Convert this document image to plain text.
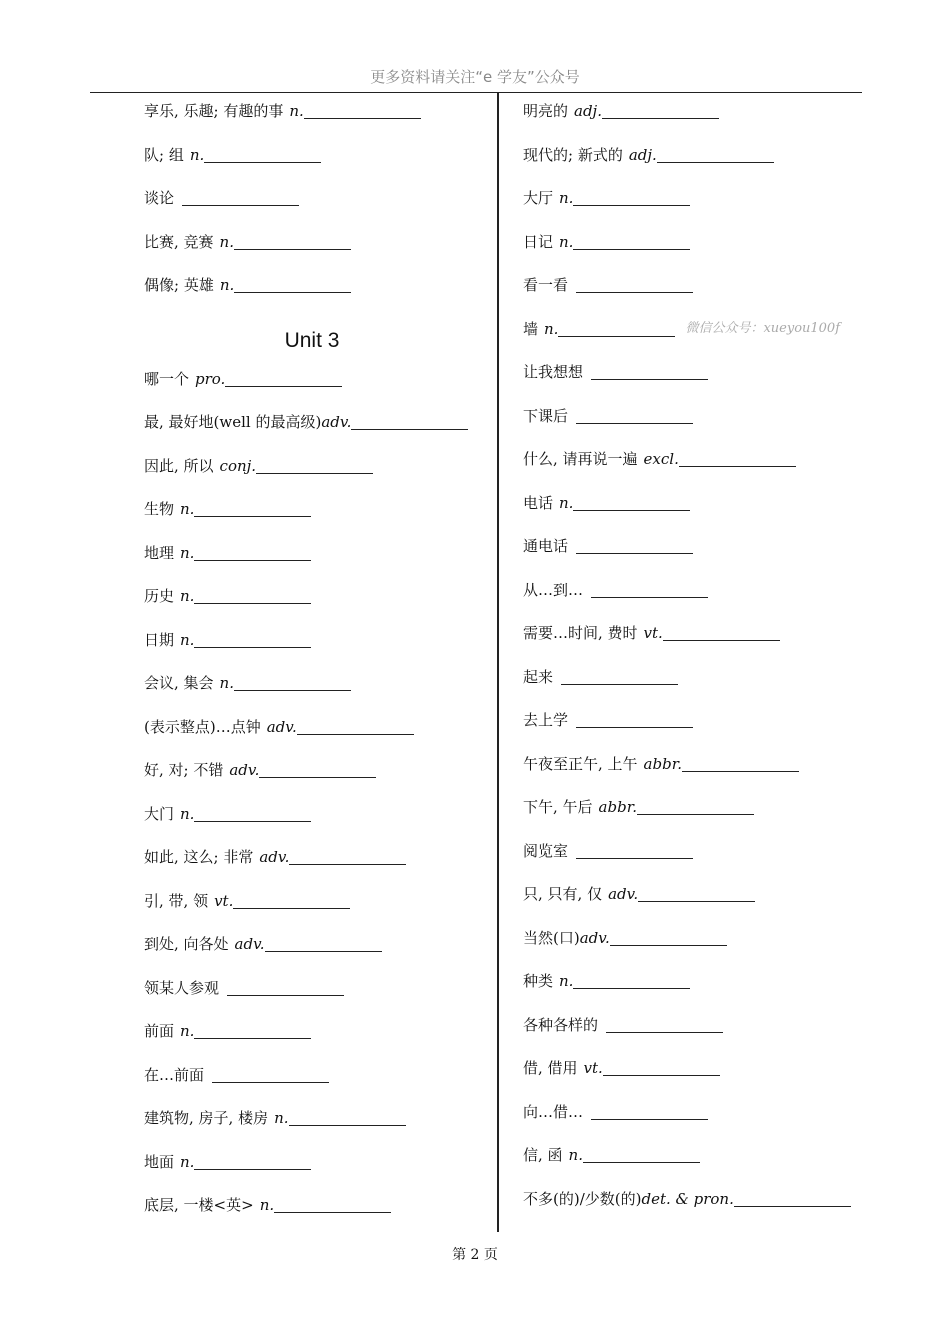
更多资料请关注“e 学友”公众号
享乐, 乐趣; 有趣的事 n.
队; 组 n.
谈论
比赛, 竞赛 n.
偶像; 英雄 n.
Unit 3
哪一个 pro.
最, 最好地(well 的最高级) adv.
因此, 所以 conj.
生物 n.
地理 n.
历史 n.
日期 n.
会议, 集会 n.
(表示整点)…点钟 adv.
好, 对; 不错 adv.
大门 n.
如此, 这么; 非常 adv.
引, 带, 领 vt.
到处, 向各处 adv.
领某人参观
前面 n.
在…前面
建筑物, 房子, 楼房 n.
地面 n.
底层, 一楼<英> n.
明亮的 adj.
现代的; 新式的 adj.
大厅 n.
日记 n.
看一看
墙 n.	微信公众号：xueyou100f
让我想想
下课后
什么, 请再说一遍 excl.
电话 n.
通电话
从…到…
需要…时间, 费时 vt.
起来
去上学
午夜至正午, 上午 abbr.
下午, 午后 abbr.
阅览室
只, 只有, 仅 adv.
当然(口) adv.
种类 n.
各种各样的
借, 借用 vt.
向…借…
信, 函 n.
不多(的)/少数(的) det. & pron.
第 2 页
